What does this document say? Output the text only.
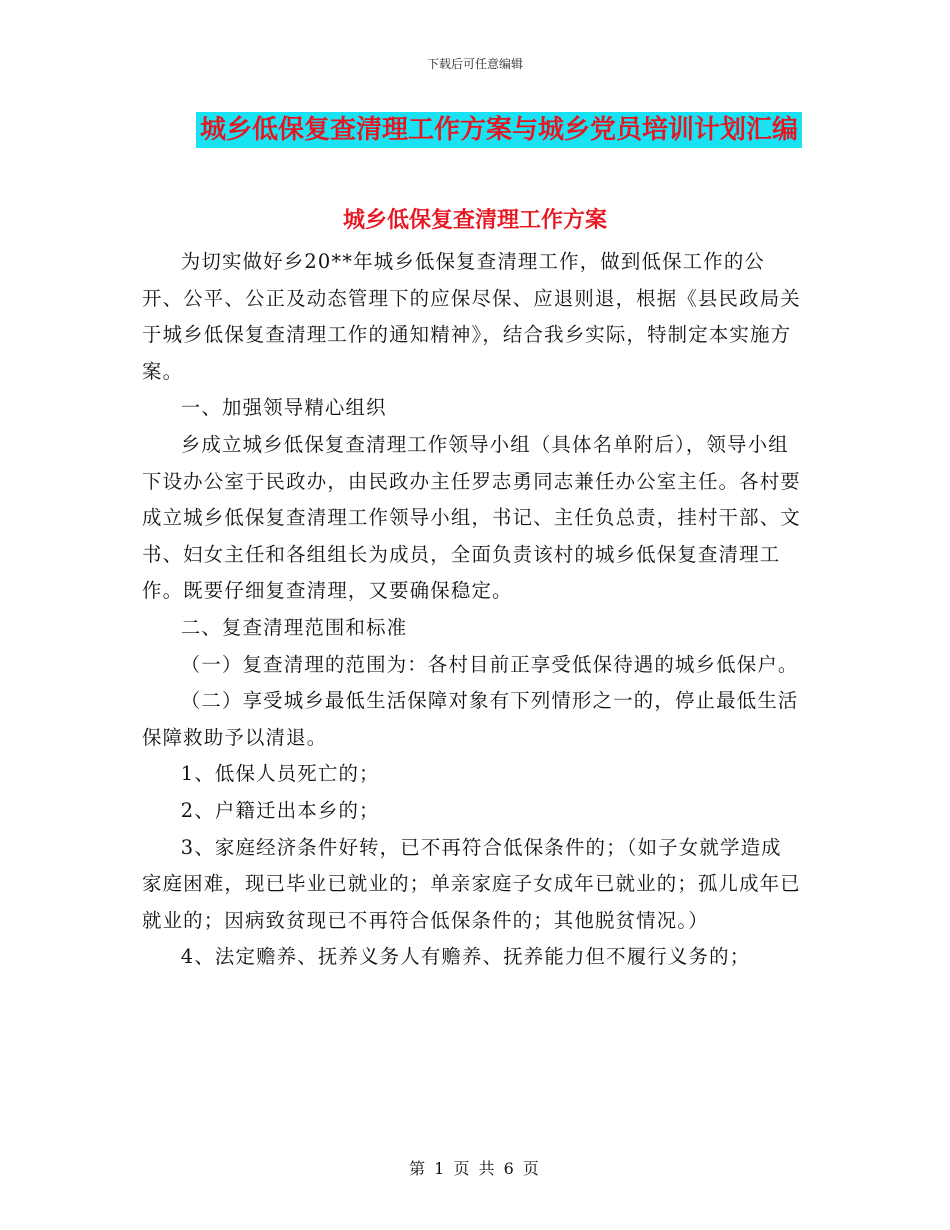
下载后可任意编辑
城乡低保复查清理工作方案与城乡党员培训计划汇编
城乡低保复查清理工作方案

为切实做好乡20**年城乡低保复查清理工作，做到低保工作的公开、公平、公正及动态管理下的应保尽保、应退则退，根据《县民政局关于城乡低保复查清理工作的通知精神》，结合我乡实际，特制定本实施方案。

一、加强领导精心组织

乡成立城乡低保复查清理工作领导小组（具体名单附后），领导小组下设办公室于民政办，由民政办主任罗志勇同志兼任办公室主任。各村要成立城乡低保复查清理工作领导小组，书记、主任负总责，挂村干部、文书、妇女主任和各组组长为成员，全面负责该村的城乡低保复查清理工作。既要仔细复查清理，又要确保稳定。

二、复查清理范围和标准

（一）复查清理的范围为：各村目前正享受低保待遇的城乡低保户。

（二）享受城乡最低生活保障对象有下列情形之一的，停止最低生活保障救助予以清退。

1、低保人员死亡的；

2、户籍迁出本乡的；

3、家庭经济条件好转，已不再符合低保条件的；（如子女就学造成家庭困难，现已毕业已就业的；单亲家庭子女成年已就业的；孤儿成年已就业的；因病致贫现已不再符合低保条件的；其他脱贫情况。）

4、法定赡养、抚养义务人有赡养、抚养能力但不履行义务的；

第 1 页 共 6 页
